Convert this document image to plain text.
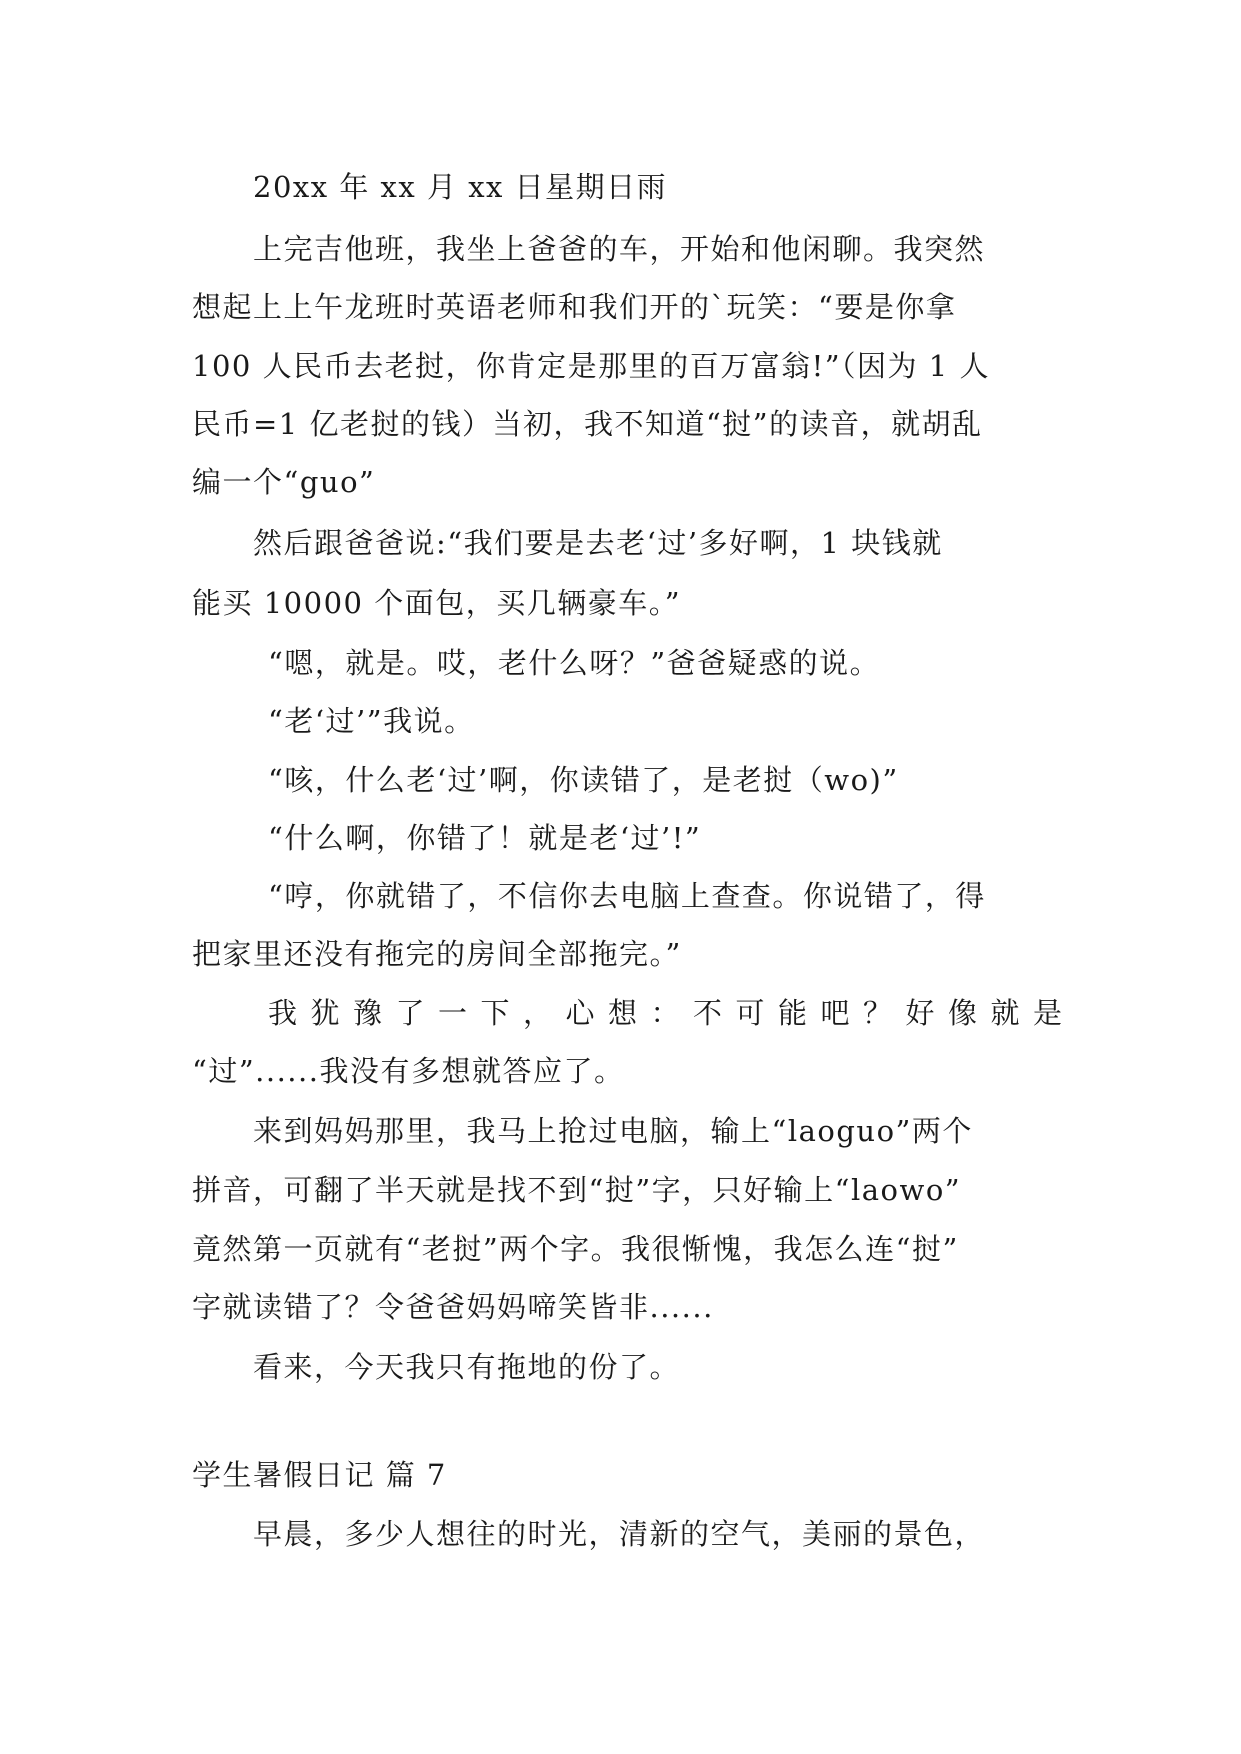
20xx 年 xx 月 xx 日星期日雨
上完吉他班，我坐上爸爸的车，开始和他闲聊。我突然
想起上上午龙班时英语老师和我们开的`玩笑：“要是你拿
100 人民币去老挝，你肯定是那里的百万富翁!”（因为 1 人
民币=1 亿老挝的钱）当初，我不知道“挝”的读音，就胡乱
编一个“guo”
然后跟爸爸说:“我们要是去老‘过’多好啊，1 块钱就
能买 10000 个面包，买几辆豪车。”
“嗯，就是。哎，老什么呀？”爸爸疑惑的说。
“老‘过’”我说。
“咳，什么老‘过’啊，你读错了，是老挝（wo)”
“什么啊，你错了！就是老‘过’!”
“哼，你就错了，不信你去电脑上查查。你说错了，得
把家里还没有拖完的房间全部拖完。”
我犹豫了一下，心想：不可能吧？好像就是
“过”......我没有多想就答应了。
来到妈妈那里，我马上抢过电脑，输上“laoguo”两个
拼音，可翻了半天就是找不到“挝”字，只好输上“laowo”
竟然第一页就有“老挝”两个字。我很惭愧，我怎么连“挝”
字就读错了？令爸爸妈妈啼笑皆非......
看来，今天我只有拖地的份了。
学生暑假日记 篇 7
早晨，多少人想往的时光，清新的空气，美丽的景色，
